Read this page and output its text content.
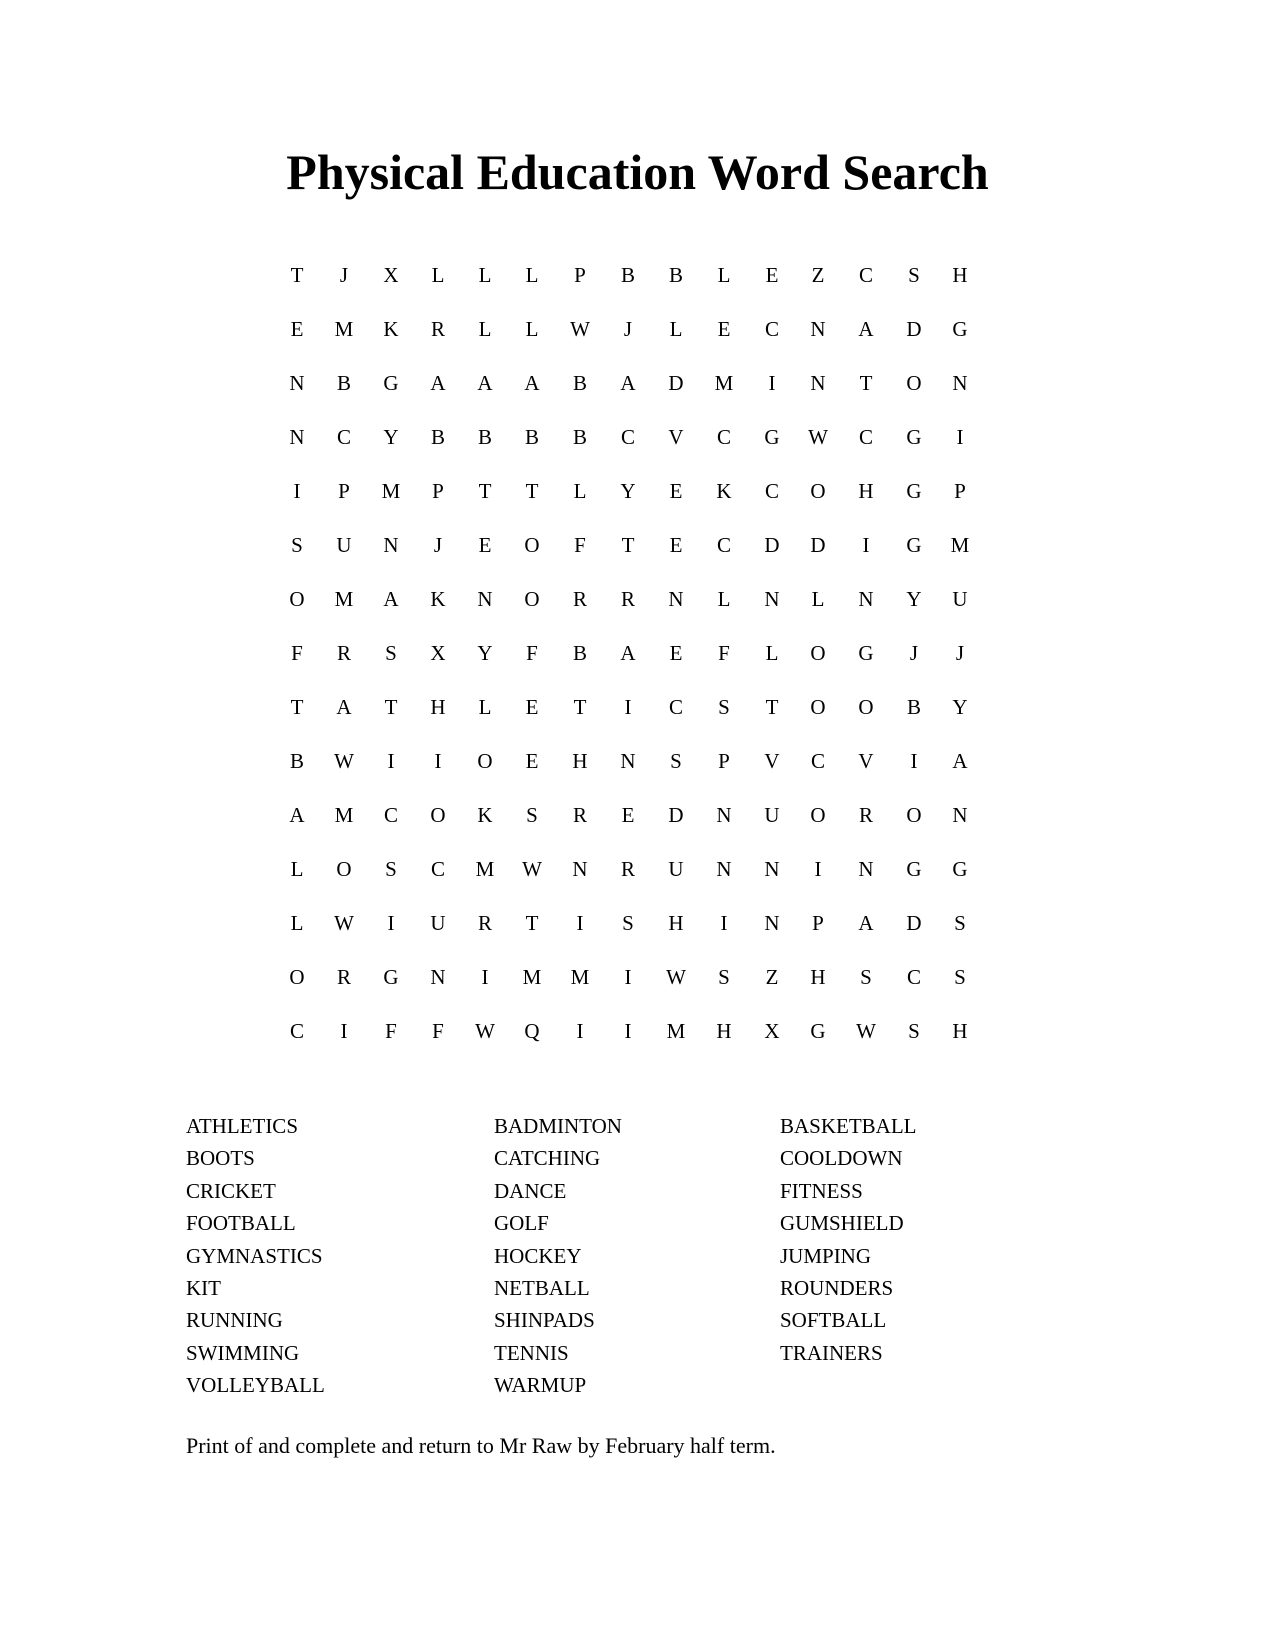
Physical Education Word Search
T	J	X	L	L	L	P	B	B	L	E	Z	C	S	H
E	M	K	R	L	L	W	J	L	E	C	N	A	D	G
N	B	G	A	A	A	B	A	D	M	I	N	T	O	N
N	C	Y	B	B	B	B	C	V	C	G	W	C	G	I
I	P	M	P	T	T	L	Y	E	K	C	O	H	G	P
S	U	N	J	E	O	F	T	E	C	D	D	I	G	M
O	M	A	K	N	O	R	R	N	L	N	L	N	Y	U
F	R	S	X	Y	F	B	A	E	F	L	O	G	J	J
T	A	T	H	L	E	T	I	C	S	T	O	O	B	Y
B	W	I	I	O	E	H	N	S	P	V	C	V	I	A
A	M	C	O	K	S	R	E	D	N	U	O	R	O	N
L	O	S	C	M	W	N	R	U	N	N	I	N	G	G
L	W	I	U	R	T	I	S	H	I	N	P	A	D	S
O	R	G	N	I	M	M	I	W	S	Z	H	S	C	S
C	I	F	F	W	Q	I	I	M	H	X	G	W	S	H
ATHLETICS
BOOTS
CRICKET
FOOTBALL
GYMNASTICS
KIT
RUNNING
SWIMMING
VOLLEYBALL
BADMINTON
CATCHING
DANCE
GOLF
HOCKEY
NETBALL
SHINPADS
TENNIS
WARMUP
BASKETBALL
COOLDOWN
FITNESS
GUMSHIELD
JUMPING
ROUNDERS
SOFTBALL
TRAINERS
Print of and complete and return to Mr Raw by February half term.
